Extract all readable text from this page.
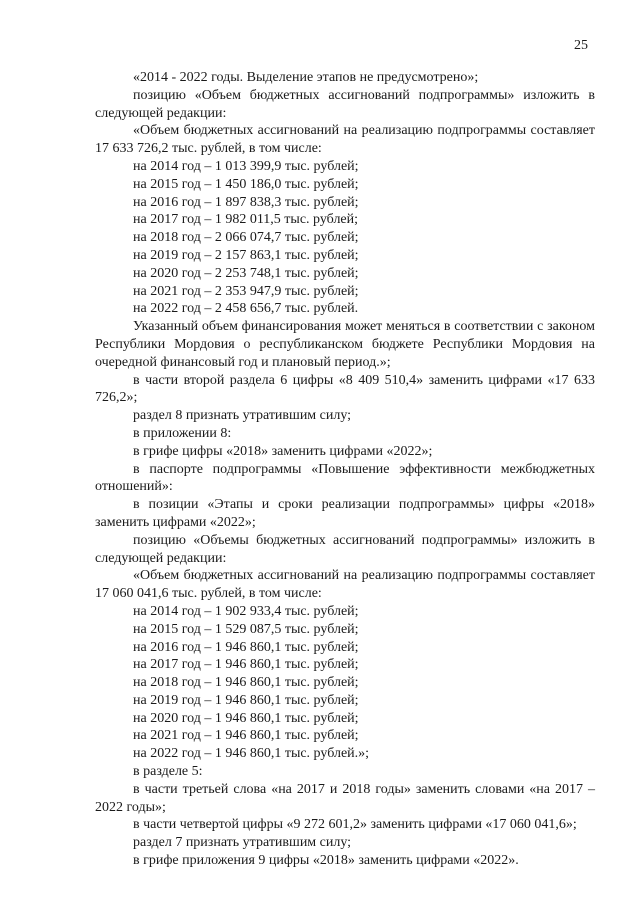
25

«2014 - 2022 годы. Выделение этапов не предусмотрено»;

позицию «Объем бюджетных ассигнований подпрограммы» изложить в следующей редакции:

«Объем бюджетных ассигнований на реализацию подпрограммы составляет 17 633 726,2 тыс. рублей, в том числе:

на 2014 год – 1 013 399,9 тыс. рублей;

на 2015 год – 1 450 186,0 тыс. рублей;

на 2016 год – 1 897 838,3 тыс. рублей;

на 2017 год – 1 982 011,5 тыс. рублей;

на 2018 год – 2 066 074,7 тыс. рублей;

на 2019 год – 2 157 863,1 тыс. рублей;

на 2020 год – 2 253 748,1 тыс. рублей;

на 2021 год – 2 353 947,9 тыс. рублей;

на 2022 год – 2 458 656,7 тыс. рублей.

Указанный объем финансирования может меняться в соответствии с законом Республики Мордовия о республиканском бюджете Республики Мордовия на очередной финансовый год и плановый период.»;

в части второй раздела 6 цифры «8 409 510,4» заменить цифрами «17 633 726,2»;

раздел 8 признать утратившим силу;

в приложении 8:

в грифе цифры «2018» заменить цифрами «2022»;

в паспорте подпрограммы «Повышение эффективности межбюджетных отношений»:

в позиции «Этапы и сроки реализации подпрограммы» цифры «2018» заменить цифрами «2022»;

позицию «Объемы бюджетных ассигнований подпрограммы» изложить в следующей редакции:

«Объем бюджетных ассигнований на реализацию подпрограммы составляет 17 060 041,6 тыс. рублей, в том числе:

на 2014 год – 1 902 933,4 тыс. рублей;

на 2015 год – 1 529 087,5 тыс. рублей;

на 2016 год – 1 946 860,1 тыс. рублей;

на 2017 год – 1 946 860,1 тыс. рублей;

на 2018 год – 1 946 860,1 тыс. рублей;

на 2019 год – 1 946 860,1 тыс. рублей;

на 2020 год – 1 946 860,1 тыс. рублей;

на 2021 год – 1 946 860,1 тыс. рублей;

на 2022 год – 1 946 860,1 тыс. рублей.»;

в разделе 5:

в части третьей слова «на 2017 и 2018 годы» заменить словами «на 2017 – 2022 годы»;

в части четвертой цифры «9 272 601,2» заменить цифрами «17 060 041,6»;

раздел 7 признать утратившим силу;

в грифе приложения 9 цифры «2018» заменить цифрами «2022».
